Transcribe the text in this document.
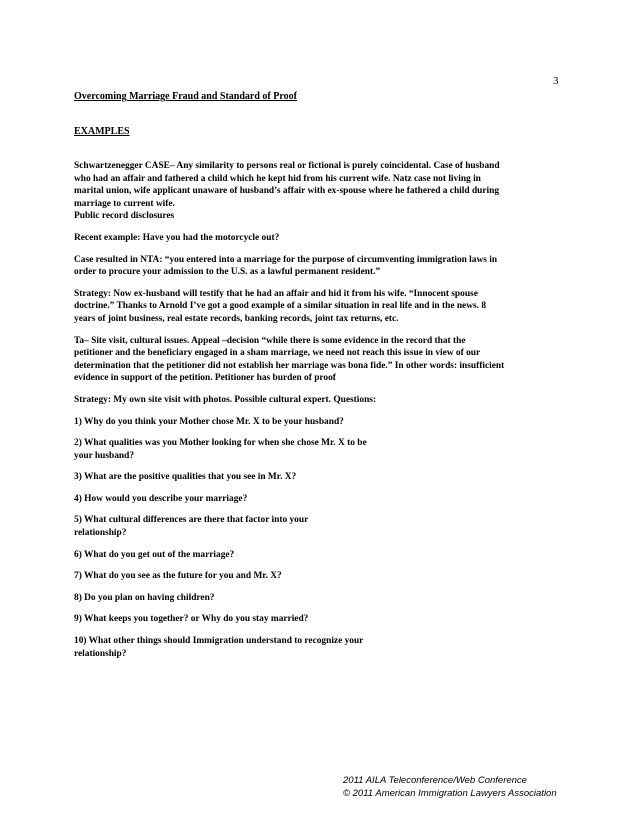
3
Overcoming Marriage Fraud and Standard of Proof
EXAMPLES

Schwartzenegger CASE– Any similarity to persons real or fictional is purely coincidental. Case of husband
who had an affair and fathered a child which he kept hid from his current wife. Natz case not living in
marital union, wife applicant unaware of husband’s affair with ex-spouse where he fathered a child during
marriage to current wife.
Public record disclosures

Recent example: Have you had the motorcycle out?

Case resulted in NTA: “you entered into a marriage for the purpose of circumventing immigration laws in
order to procure your admission to the U.S. as a lawful permanent resident.”

Strategy: Now ex-husband will testify that he had an affair and hid it from his wife. “Innocent spouse
doctrine.” Thanks to Arnold I’ve got a good example of a similar situation in real life and in the news. 8
years of joint business, real estate records, banking records, joint tax returns, etc.

Ta– Site visit, cultural issues. Appeal –decision “while there is some evidence in the record that the
petitioner and the beneficiary engaged in a sham marriage, we need not reach this issue in view of our
determination that the petitioner did not establish her marriage was bona fide.” In other words: insufficient
evidence in support of the petition. Petitioner has burden of proof

Strategy: My own site visit with photos. Possible cultural expert. Questions:

1) Why do you think your Mother chose Mr. X to be your husband?

2) What qualities was you Mother looking for when she chose Mr. X to be
your husband?

3) What are the positive qualities that you see in Mr. X?

4) How would you describe your marriage?

5) What cultural differences are there that factor into your
relationship?

6) What do you get out of the marriage?

7) What do you see as the future for you and Mr. X?

8) Do you plan on having children?

9) What keeps you together? or Why do you stay married?

10) What other things should Immigration understand to recognize your
relationship?

2011 AILA Teleconference/Web Conference
© 2011 American Immigration Lawyers Association
